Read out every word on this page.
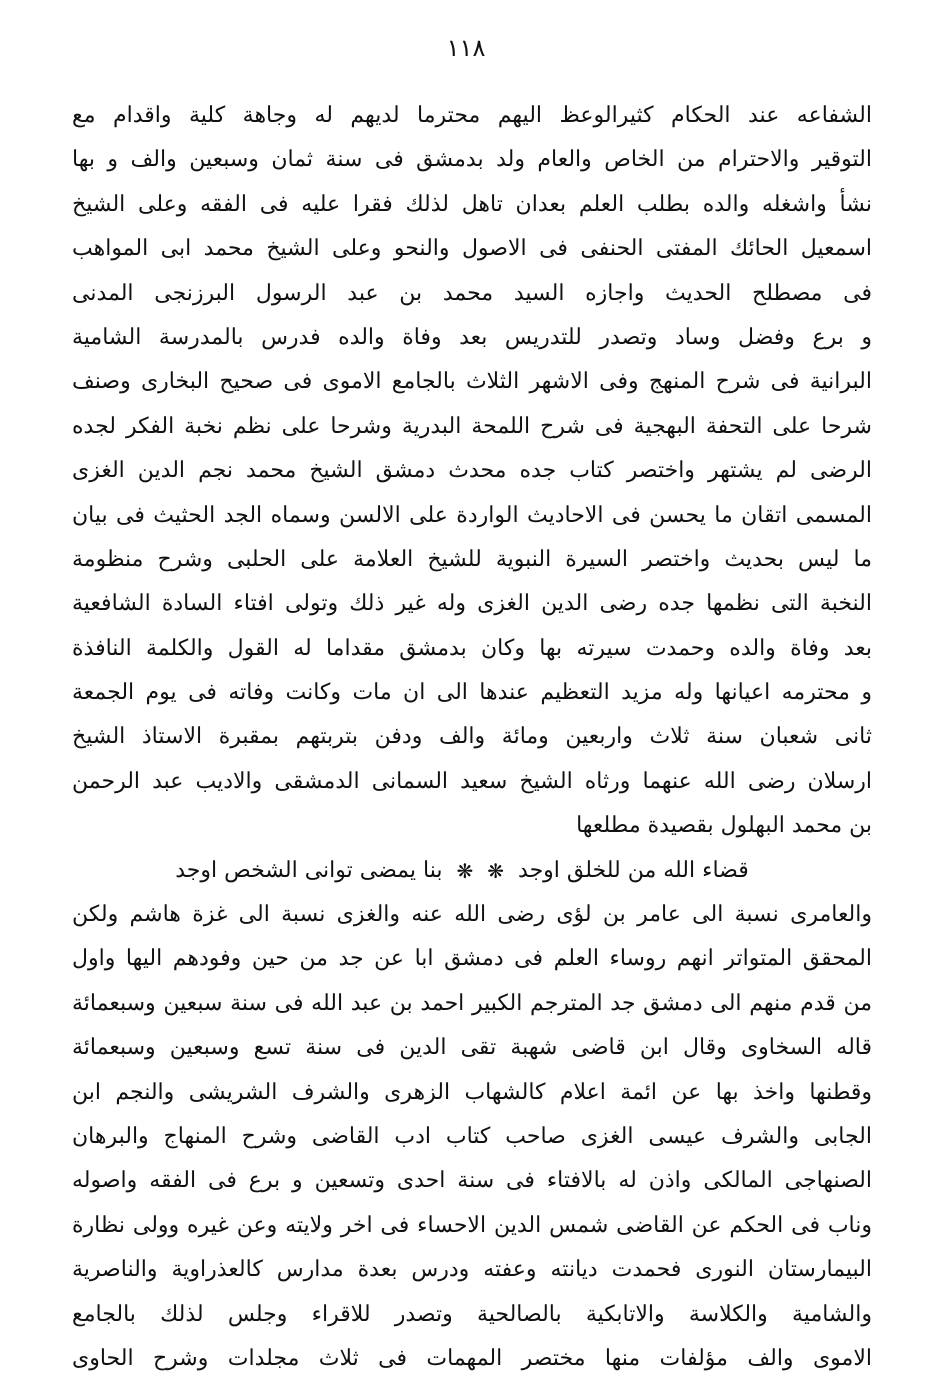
١١٨
الشفاعه عند الحكام كثيرالوعظ اليهم محترما لديهم له وجاهة كلية واقدام مع
التوقير والاحترام من الخاص والعام ولد بدمشق فى سنة ثمان وسبعين والف و بها
نشأ واشغله والده بطلب العلم بعدان تاهل لذلك فقرا عليه فى الفقه وعلى الشيخ
اسمعيل الحائك المفتى الحنفى فى الاصول والنحو وعلى الشيخ محمد ابى المواهب
فى مصطلح الحديث واجازه السيد محمد بن عبد الرسول البرزنجى المدنى
و برع وفضل وساد وتصدر للتدريس بعد وفاة والده فدرس بالمدرسة الشامية
البرانية فى شرح المنهج وفى الاشهر الثلاث بالجامع الاموى فى صحيح البخارى وصنف
شرحا على التحفة البهجية فى شرح اللمحة البدرية وشرحا على نظم نخبة الفكر لجده
الرضى لم يشتهر واختصر كتاب جده محدث دمشق الشيخ محمد نجم الدين الغزى
المسمى اتقان ما يحسن فى الاحاديث الواردة على الالسن وسماه الجد الحثيث فى بيان
ما ليس بحديث واختصر السيرة النبوية للشيخ العلامة على الحلبى وشرح منظومة
النخبة التى نظمها جده رضى الدين الغزى وله غير ذلك وتولى افتاء السادة الشافعية
بعد وفاة والده وحمدت سيرته بها وكان بدمشق مقداما له القول والكلمة النافذة
و محترمه اعيانها وله مزيد التعظيم عندها الى ان مات وكانت وفاته فى يوم الجمعة
ثانى شعبان سنة ثلاث واربعين ومائة والف ودفن بتربتهم بمقبرة الاستاذ الشيخ
ارسلان رضى الله عنهما ورثاه الشيخ سعيد السمانى الدمشقى والاديب عبد الرحمن
بن محمد البهلول بقصيدة مطلعها
قضاء الله من للخلق اوجد
❋
❋
بنا يمضى توانى الشخص اوجد
والعامرى نسبة الى عامر بن لؤى رضى الله عنه والغزى نسبة الى غزة هاشم ولكن
المحقق المتواتر انهم روساء العلم فى دمشق ابا عن جد من حين وفودهم اليها واول
من قدم منهم الى دمشق جد المترجم الكبير احمد بن عبد الله فى سنة سبعين وسبعمائة
قاله السخاوى وقال ابن قاضى شهبة تقى الدين فى سنة تسع وسبعين وسبعمائة
وقطنها واخذ بها عن ائمة اعلام كالشهاب الزهرى والشرف الشريشى والنجم ابن
الجابى والشرف عيسى الغزى صاحب كتاب ادب القاضى وشرح المنهاج والبرهان
الصنهاجى المالكى واذن له بالافتاء فى سنة احدى وتسعين و برع فى الفقه واصوله
وناب فى الحكم عن القاضى شمس الدين الاحساء فى اخر ولايته وعن غيره وولى نظارة
البيمارستان النورى فحمدت ديانته وعفته ودرس بعدة مدارس كالعذراوية والناصرية
والشامية والكلاسة والاتابكية بالصالحية وتصدر للاقراء وجلس لذلك بالجامع
الاموى والف مؤلفات منها مختصر المهمات فى ثلاث مجلدات وشرح الحاوى
